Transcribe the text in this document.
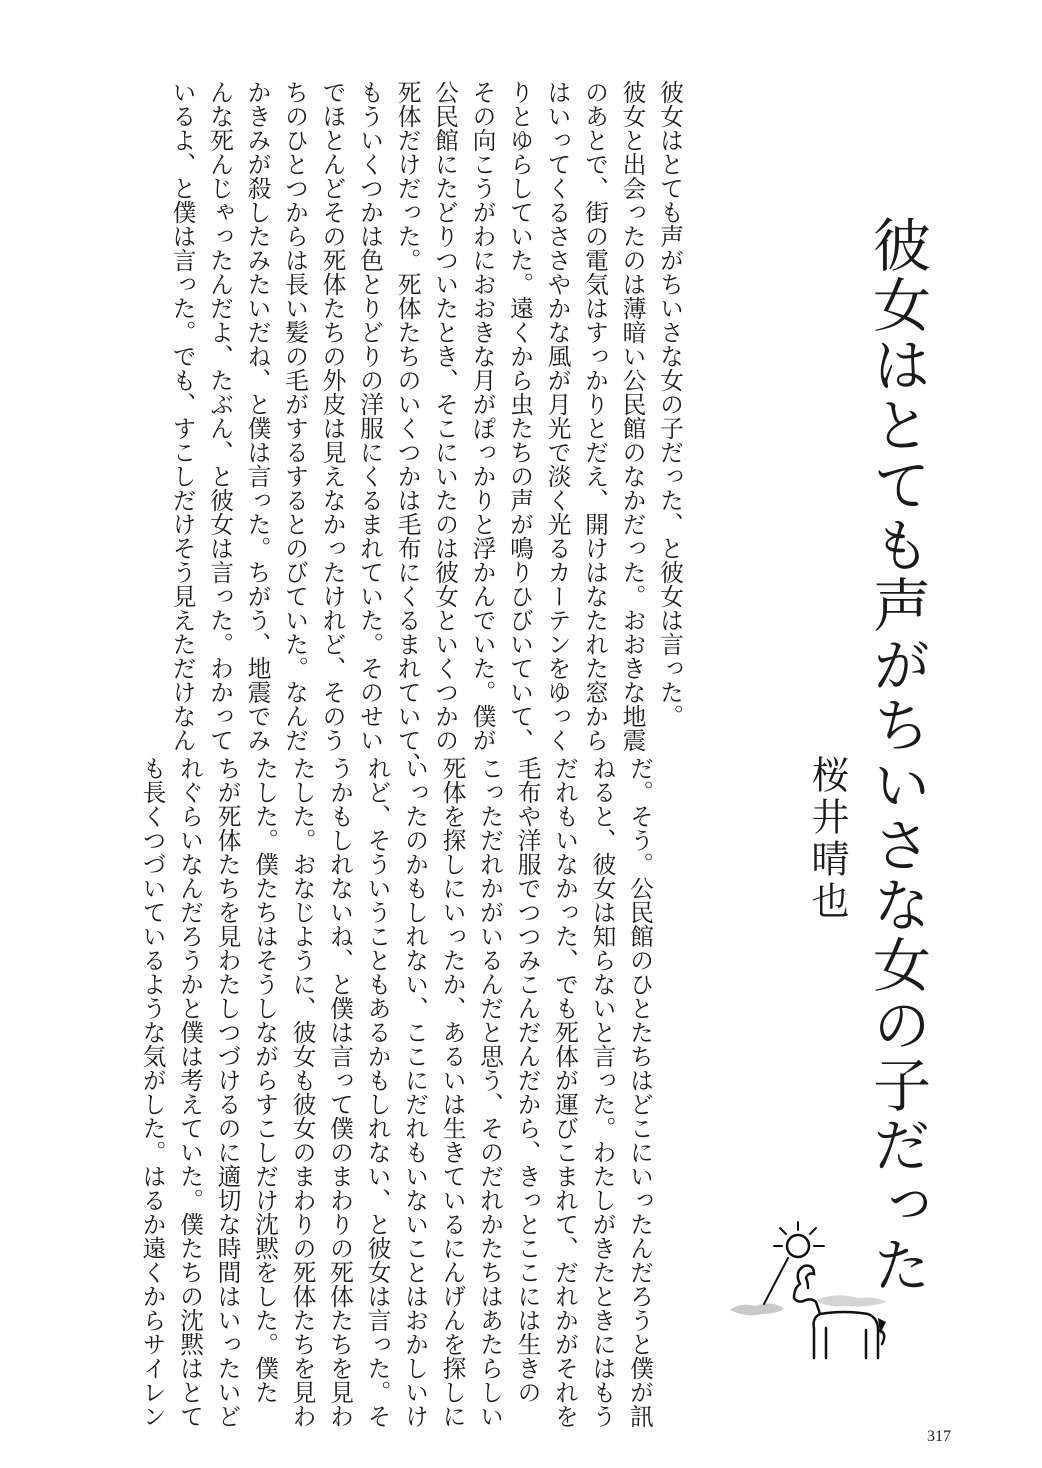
彼女はとても声がちいさな女の子だった
桜井晴也

彼女はとても声がちいさな女の子だった、と彼女は言った。

彼女と出会ったのは薄暗い公民館のなかだった。おおきな地震

のあとで、街の電気はすっかりとだえ、開けはなたれた窓から

はいってくるささやかな風が月光で淡く光るカーテンをゆっく

りとゆらしていた。遠くから虫たちの声が鳴りひびいていて、

その向こうがわにおおきな月がぽっかりと浮かんでいた。僕が

公民館にたどりついたとき、そこにいたのは彼女といくつかの

死体だけだった。死体たちのいくつかは毛布にくるまれていて、

もういくつかは色とりどりの洋服にくるまれていた。そのせい

でほとんどその死体たちの外皮は見えなかったけれど、そのう

ちのひとつからは長い髪の毛がするするとのびていた。なんだ

かきみが殺したみたいだね、と僕は言った。ちがう、地震でみ

んな死んじゃったんだよ、たぶん、と彼女は言った。わかって

いるよ、と僕は言った。でも、すこしだけそう見えただけなん

だ。そう。公民館のひとたちはどこにいったんだろうと僕が訊

ねると、彼女は知らないと言った。わたしがきたときにはもう

だれもいなかった、でも死体が運びこまれて、だれかがそれを

毛布や洋服でつつみこんだんだから、きっとここには生きの

こっただれかがいるんだと思う、そのだれかたちはあたらしい

死体を探しにいったか、あるいは生きているにんげんを探しに

いったのかもしれない、ここにだれもいないことはおかしいけ

れど、そういうこともあるかもしれない、と彼女は言った。そ

うかもしれないね、と僕は言って僕のまわりの死体たちを見わ

たした。おなじように、彼女も彼女のまわりの死体たちを見わ

たした。僕たちはそうしながらすこしだけ沈黙をした。僕た

ちが死体たちを見わたしつづけるのに適切な時間はいったいど

れぐらいなんだろうかと僕は考えていた。僕たちの沈黙はとて

も長くつづいているような気がした。はるか遠くからサイレン

317
